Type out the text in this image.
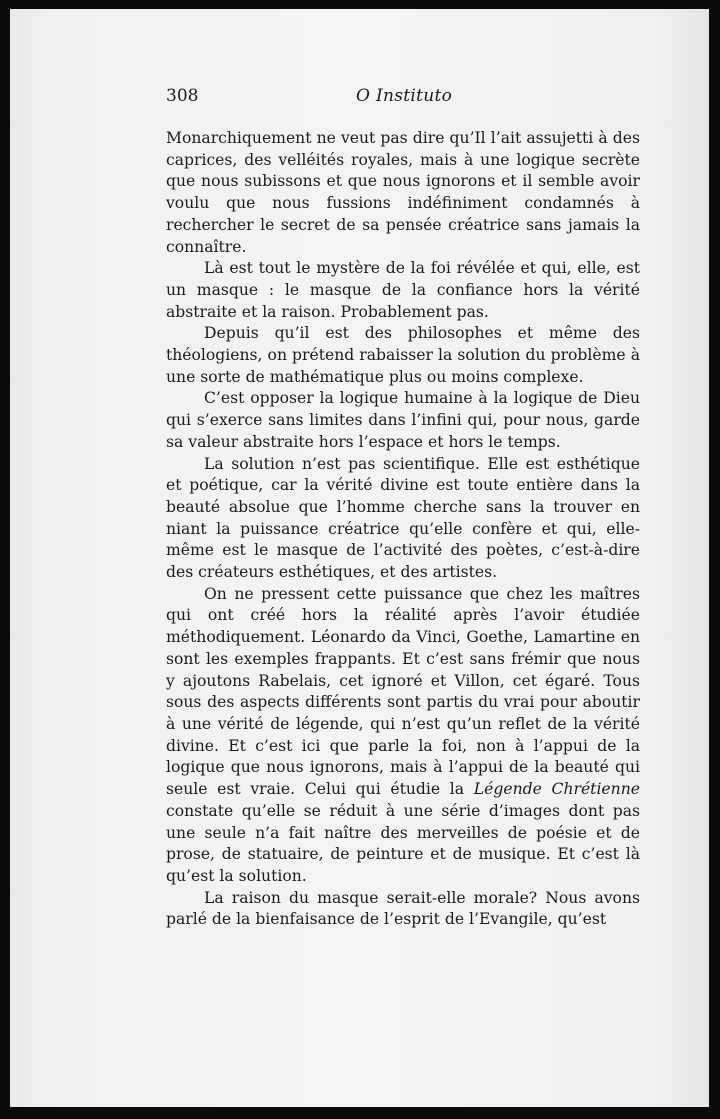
308	O Instituto

Monarchiquement ne veut pas dire qu’Il l’ait assujetti à des caprices, des velléités royales, mais à une logique secrète que nous subissons et que nous ignorons et il semble avoir voulu que nous fussions indéfiniment condamnés à rechercher le secret de sa pensée créatrice sans jamais la connaître.

Là est tout le mystère de la foi révélée et qui, elle, est un masque : le masque de la confiance hors la vérité abstraite et la raison. Probablement pas.

Depuis qu’il est des philosophes et même des théologiens, on prétend rabaisser la solution du problème à une sorte de mathématique plus ou moins complexe.

C’est opposer la logique humaine à la logique de Dieu qui s’exerce sans limites dans l’infini qui, pour nous, garde sa valeur abstraite hors l’espace et hors le temps.

La solution n’est pas scientifique. Elle est esthétique et poétique, car la vérité divine est toute entière dans la beauté absolue que l’homme cherche sans la trouver en niant la puissance créatrice qu’elle confère et qui, elle-même est le masque de l’activité des poètes, c’est-à-dire des créateurs esthétiques, et des artistes.

On ne pressent cette puissance que chez les maîtres qui ont créé hors la réalité après l’avoir étudiée méthodiquement. Léonardo da Vinci, Goethe, Lamartine en sont les exemples frappants. Et c’est sans frémir que nous y ajoutons Rabelais, cet ignoré et Villon, cet égaré. Tous sous des aspects différents sont partis du vrai pour aboutir à une vérité de légende, qui n’est qu’un reflet de la vérité divine. Et c’est ici que parle la foi, non à l’appui de la logique que nous ignorons, mais à l’appui de la beauté qui seule est vraie. Celui qui étudie la Légende Chrétienne constate qu’elle se réduit à une série d’images dont pas une seule n’a fait naître des merveilles de poésie et de prose, de statuaire, de peinture et de musique. Et c’est là qu’est la solution.

La raison du masque serait-elle morale? Nous avons parlé de la bienfaisance de l’esprit de l’Evangile, qu’est
